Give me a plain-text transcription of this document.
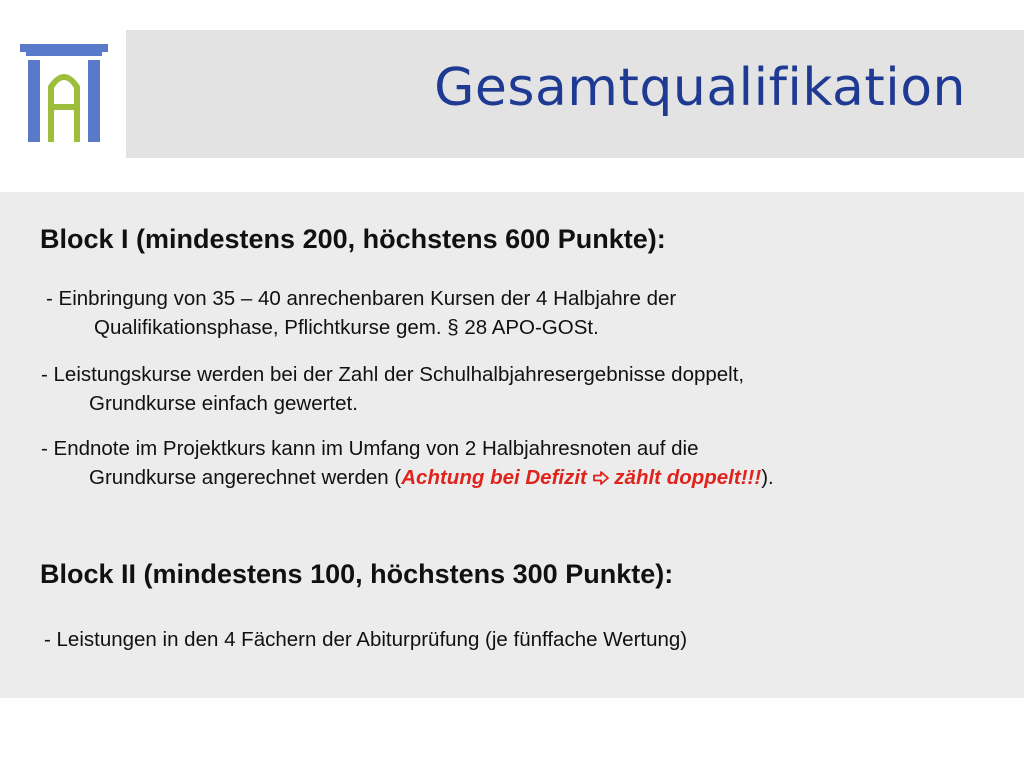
Gesamtqualifikation
Block I (mindestens 200, höchstens 600 Punkte):
- Einbringung von 35 – 40 anrechenbaren Kursen der 4 Halbjahre der
Qualifikationsphase, Pflichtkurse gem. § 28 APO-GOSt.
- Leistungskurse werden bei der Zahl der Schulhalbjahresergebnisse doppelt,
Grundkurse einfach gewertet.
- Endnote im Projektkurs kann im Umfang von 2 Halbjahresnoten auf die
Grundkurse angerechnet werden (Achtung bei Defizit zählt doppelt!!!).
Block II (mindestens 100, höchstens 300 Punkte):
- Leistungen in den 4 Fächern der Abiturprüfung (je fünffache Wertung)
